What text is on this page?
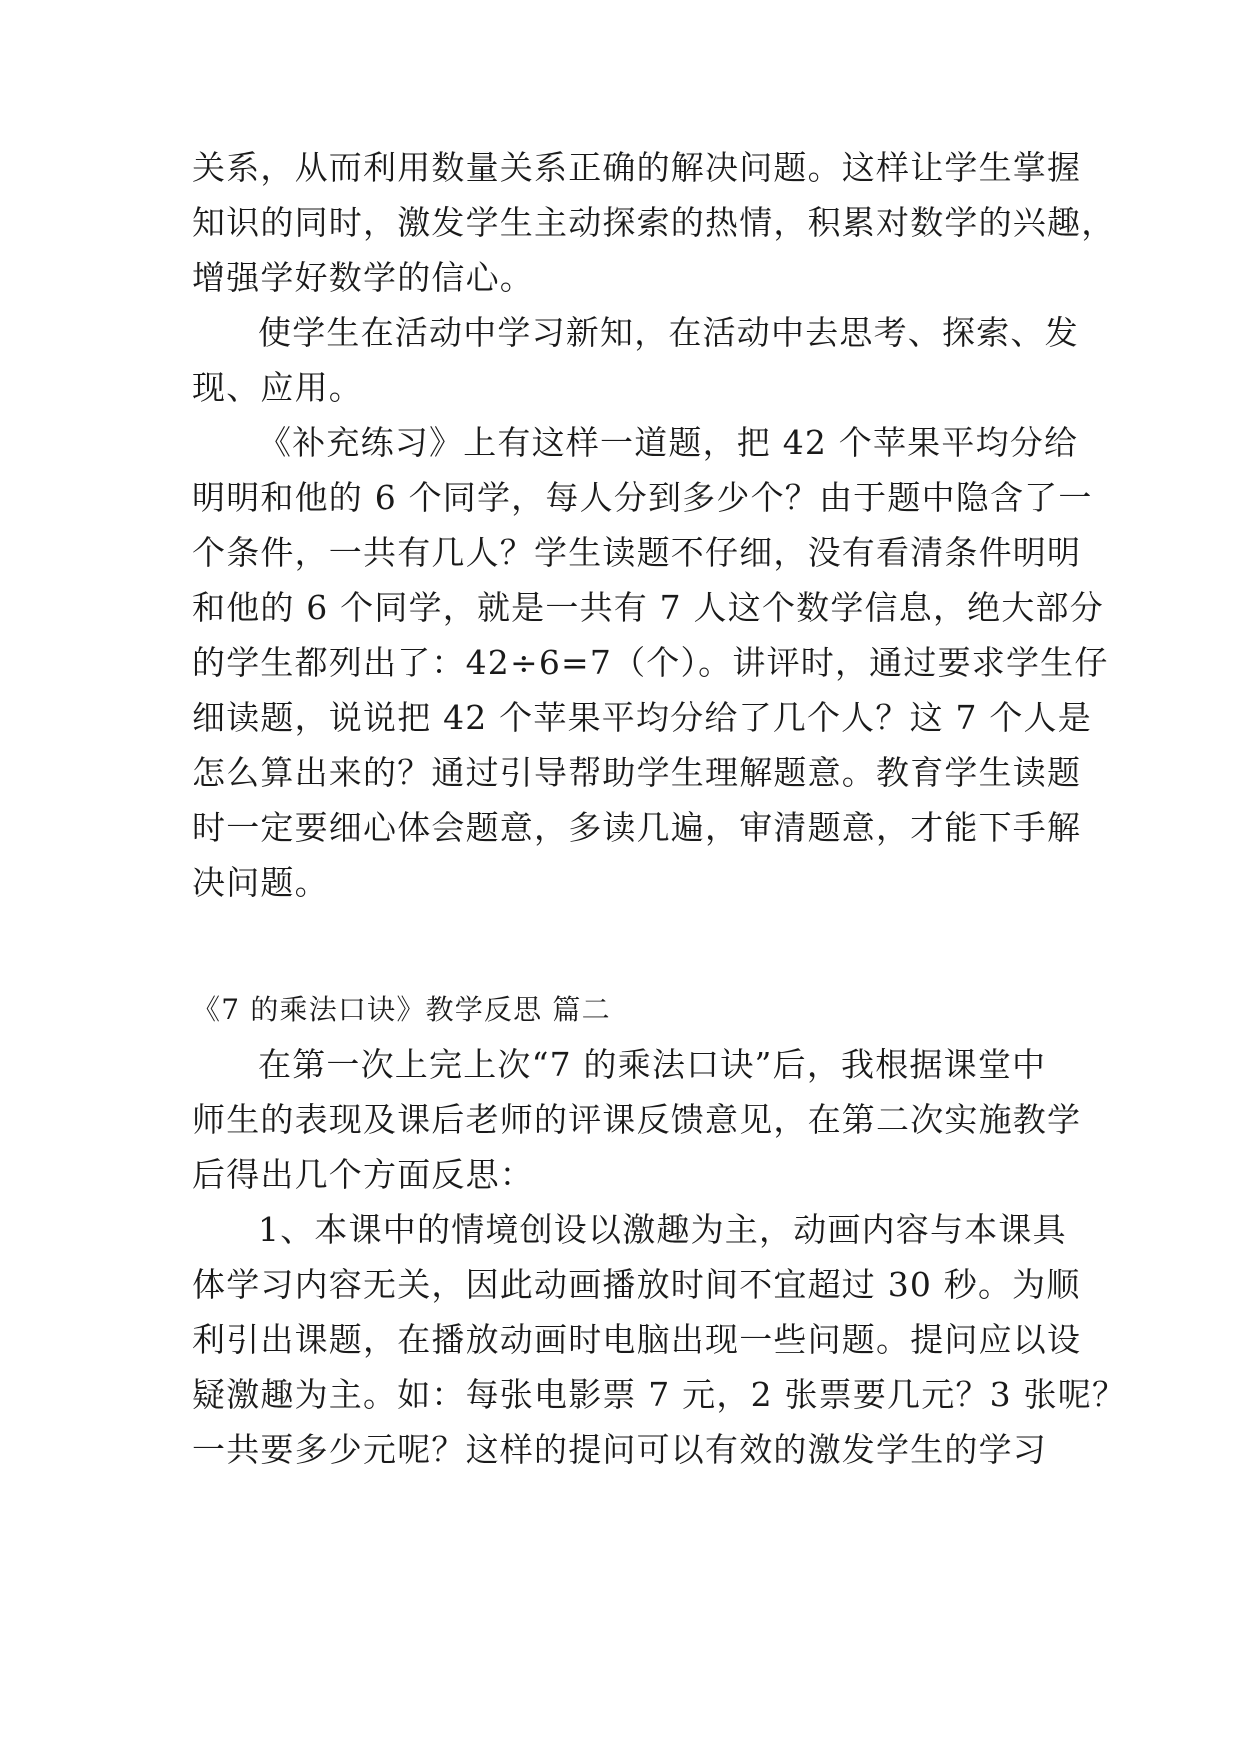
关系，从而利用数量关系正确的解决问题。这样让学生掌握
知识的同时，激发学生主动探索的热情，积累对数学的兴趣，
增强学好数学的信心。
使学生在活动中学习新知，在活动中去思考、探索、发
现、应用。
《补充练习》上有这样一道题，把 42 个苹果平均分给
明明和他的 6 个同学，每人分到多少个？由于题中隐含了一
个条件，一共有几人？学生读题不仔细，没有看清条件明明
和他的 6 个同学，就是一共有 7 人这个数学信息，绝大部分
的学生都列出了：42÷6=7（个）。讲评时，通过要求学生仔
细读题，说说把 42 个苹果平均分给了几个人？这 7 个人是
怎么算出来的？通过引导帮助学生理解题意。教育学生读题
时一定要细心体会题意，多读几遍，审清题意，才能下手解
决问题。
《7 的乘法口诀》教学反思 篇二
在第一次上完上次“7 的乘法口诀”后，我根据课堂中
师生的表现及课后老师的评课反馈意见，在第二次实施教学
后得出几个方面反思：
1、本课中的情境创设以激趣为主，动画内容与本课具
体学习内容无关，因此动画播放时间不宜超过 30 秒。为顺
利引出课题，在播放动画时电脑出现一些问题。提问应以设
疑激趣为主。如：每张电影票 7 元，2 张票要几元？3 张呢？
一共要多少元呢？这样的提问可以有效的激发学生的学习
